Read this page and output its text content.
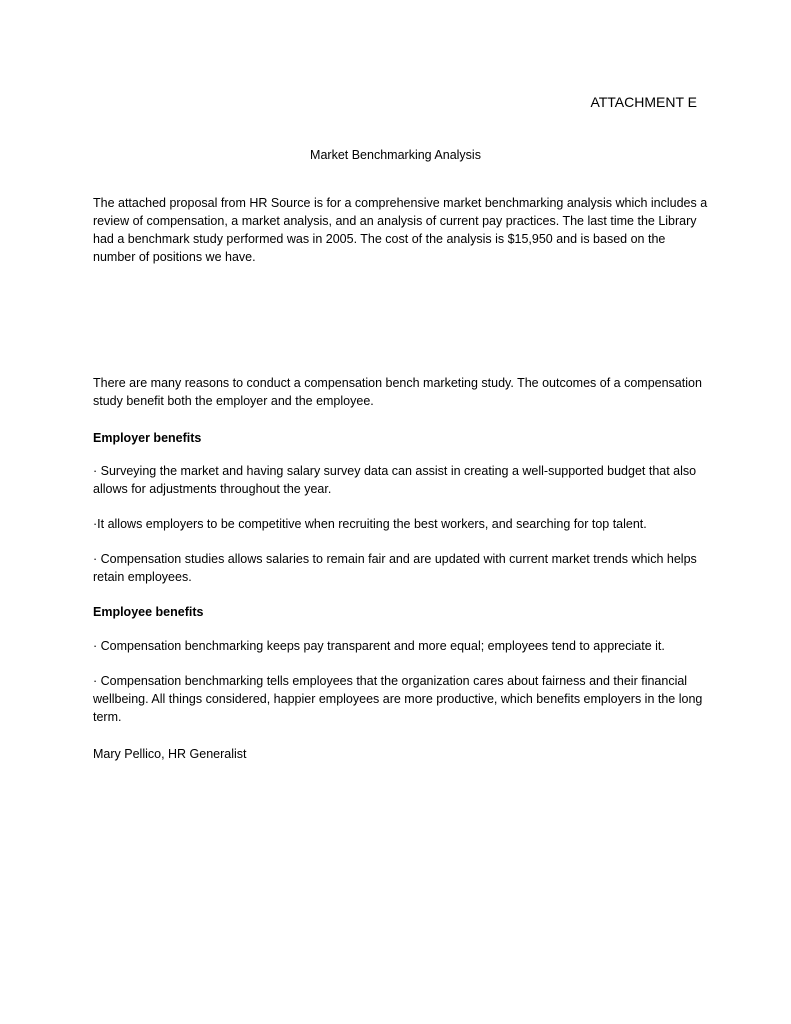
ATTACHMENT E
Market Benchmarking Analysis

The attached proposal from HR Source is for a comprehensive market benchmarking analysis which includes a review of compensation, a market analysis, and an analysis of current pay practices. The last time the Library had a benchmark study performed was in 2005. The cost of the analysis is $15,950 and is based on the number of positions we have.

There are many reasons to conduct a compensation bench marketing study. The outcomes of a compensation study benefit both the employer and the employee.

Employer benefits

· Surveying the market and having salary survey data can assist in creating a well-supported budget that also allows for adjustments throughout the year.

·It allows employers to be competitive when recruiting the best workers, and searching for top talent.

· Compensation studies allows salaries to remain fair and are updated with current market trends which helps retain employees.

Employee benefits

· Compensation benchmarking keeps pay transparent and more equal; employees tend to appreciate it.

· Compensation benchmarking tells employees that the organization cares about fairness and their financial wellbeing. All things considered, happier employees are more productive, which benefits employers in the long term.

Mary Pellico, HR Generalist
